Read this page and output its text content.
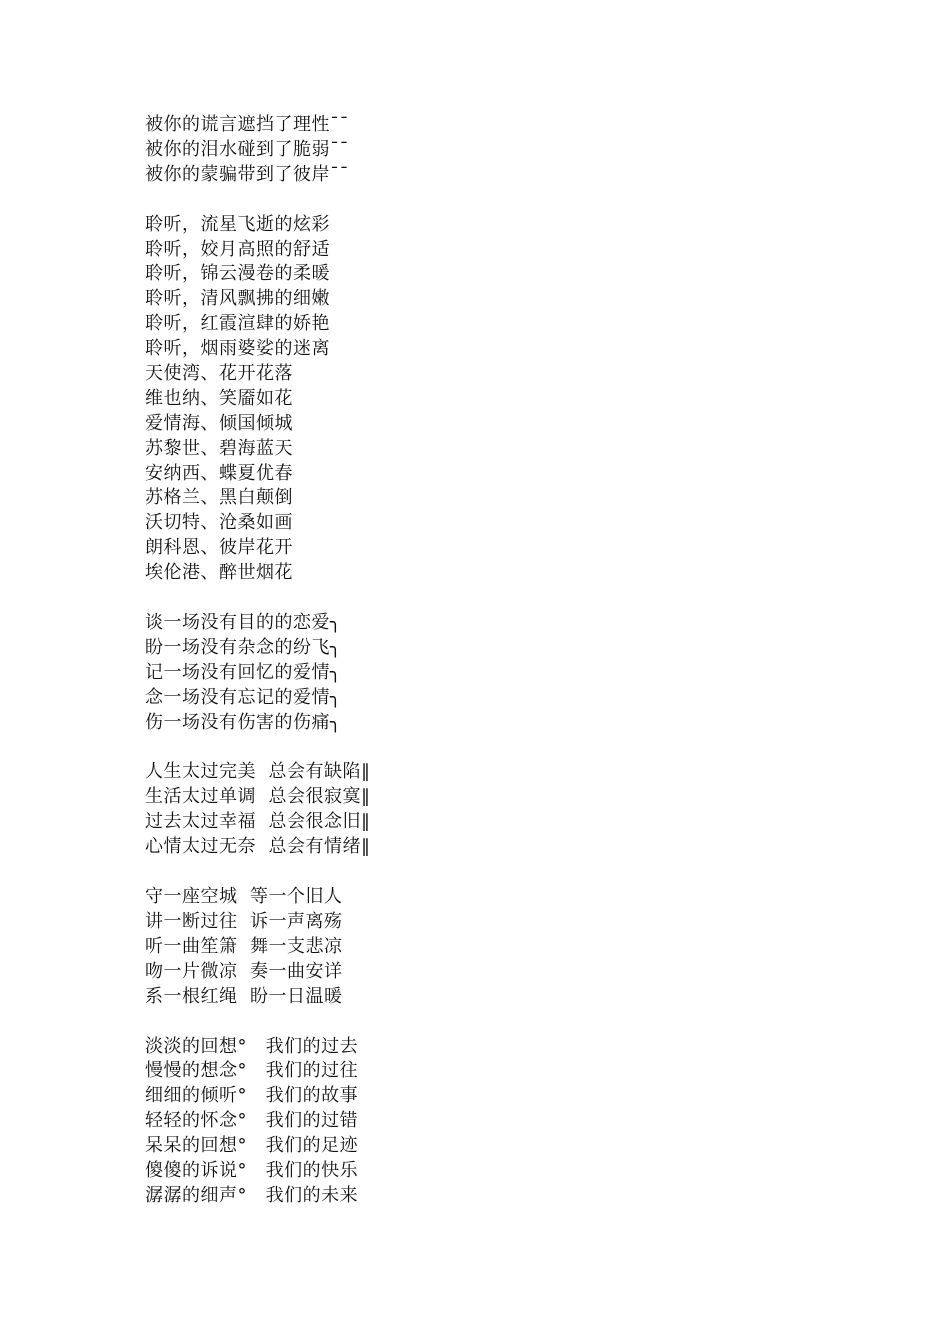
被你的谎言遮挡了理性¯¯
被你的泪水碰到了脆弱¯¯
被你的蒙骗带到了彼岸¯¯
聆听，流星飞逝的炫彩
聆听，姣月高照的舒适
聆听，锦云漫卷的柔暖
聆听，清风飘拂的细嫩
聆听，红霞渲肆的娇艳
聆听，烟雨婆娑的迷离
天使湾、花开花落
维也纳、笑靥如花
爱情海、倾国倾城
苏黎世、碧海蓝天
安纳西、蝶夏优春
苏格兰、黑白颠倒
沃切特、沧桑如画
朗科恩、彼岸花开
埃伦港、醉世烟花
谈一场没有目的的恋爱╮
盼一场没有杂念的纷飞╮
记一场没有回忆的爱情╮
念一场没有忘记的爱情╮
伤一场没有伤害的伤痛╮
人生太过完美  总会有缺陷‖
生活太过单调  总会很寂寞‖
过去太过幸福  总会很念旧‖
心情太过无奈  总会有情绪‖
守一座空城  等一个旧人
讲一断过往  诉一声离殇
听一曲笙箫  舞一支悲凉
吻一片微凉  奏一曲安详
系一根红绳  盼一日温暖
淡淡的回想°   我们的过去
慢慢的想念°   我们的过往
细细的倾听°   我们的故事
轻轻的怀念°   我们的过错
呆呆的回想°   我们的足迹
傻傻的诉说°   我们的快乐
潺潺的细声°   我们的未来
